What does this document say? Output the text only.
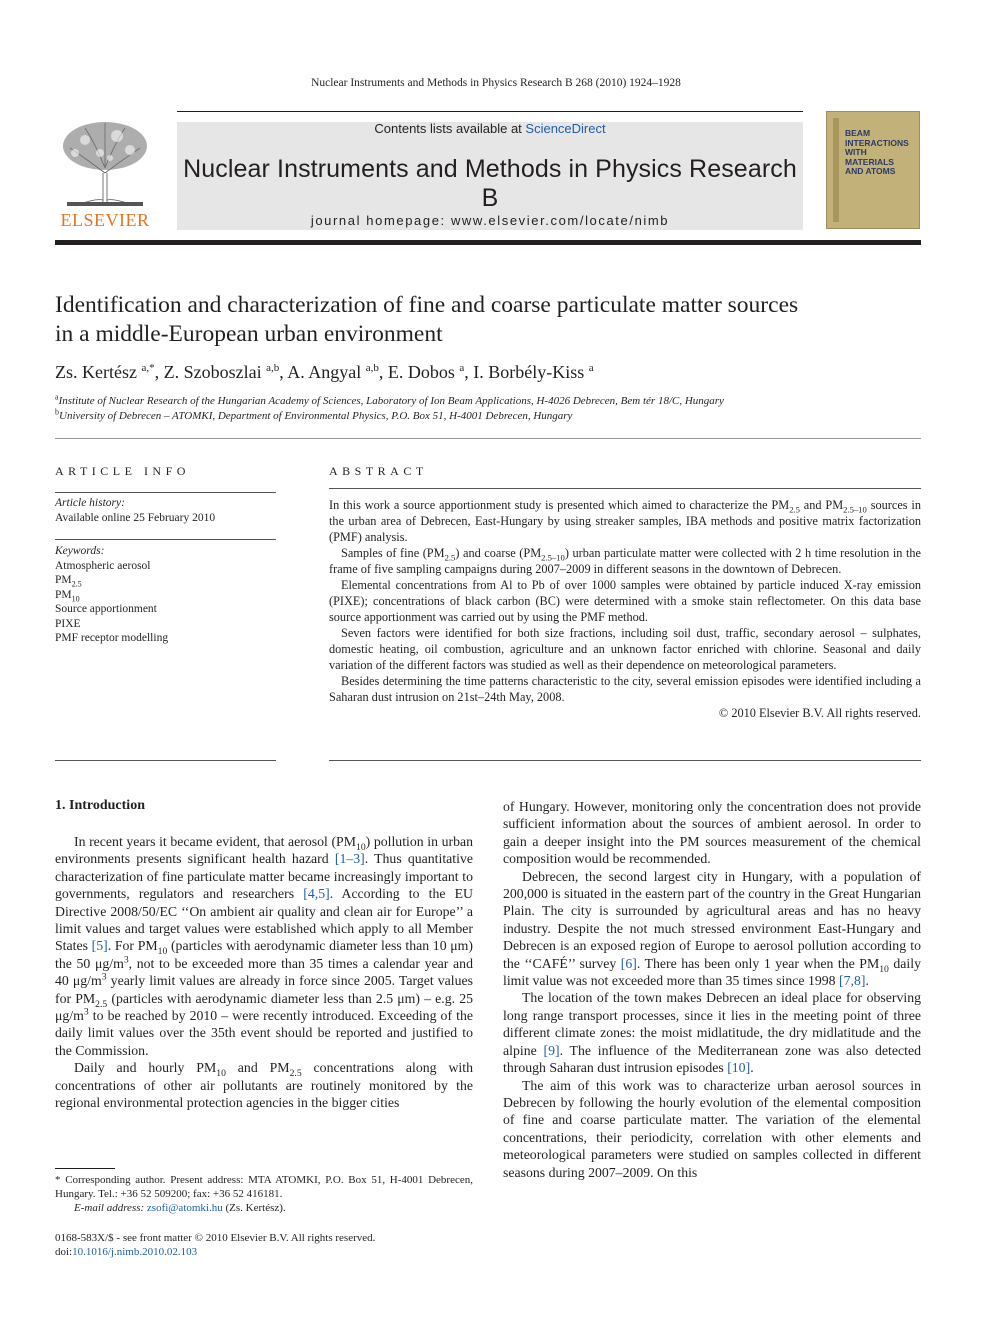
Nuclear Instruments and Methods in Physics Research B 268 (2010) 1924–1928
ELSEVIER
Contents lists available at ScienceDirect
Nuclear Instruments and Methods in Physics Research B
journal homepage: www.elsevier.com/locate/nimb
BEAM
INTERACTIONS
WITH
MATERIALS
AND ATOMS
Identification and characterization of fine and coarse particulate matter sources
in a middle-European urban environment
Zs. Kertész $^{a,*}$, Z. Szoboszlai $^{a,b}$, A. Angyal $^{a,b}$, E. Dobos $^a$, I. Borbély-Kiss $^a$
$^a$Institute of Nuclear Research of the Hungarian Academy of Sciences, Laboratory of Ion Beam Applications, H-4026 Debrecen, Bem tér 18/C, Hungary
$^b$University of Debrecen – ATOMKI, Department of Environmental Physics, P.O. Box 51, H-4001 Debrecen, Hungary
ARTICLE INFO
Article history:
Available online 25 February 2010
Keywords:
Atmospheric aerosol
$PM_{2.5}$
$PM_{10}$
Source apportionment
PIXE
PMF receptor modelling
ABSTRACT

In this work a source apportionment study is presented which aimed to characterize the $PM_{2.5}$ and $PM_{2.5-10}$ sources in the urban area of Debrecen, East-Hungary by using streaker samples, IBA methods and positive matrix factorization (PMF) analysis.

Samples of fine $(PM_{2.5})$ and coarse $(PM_{2.5-10})$ urban particulate matter were collected with 2 h time resolution in the frame of five sampling campaigns during 2007–2009 in different seasons in the downtown of Debrecen.

Elemental concentrations from Al to Pb of over 1000 samples were obtained by particle induced X-ray emission (PIXE); concentrations of black carbon (BC) were determined with a smoke stain reflectometer. On this data base source apportionment was carried out by using the PMF method.

Seven factors were identified for both size fractions, including soil dust, traffic, secondary aerosol – sulphates, domestic heating, oil combustion, agriculture and an unknown factor enriched with chlorine. Seasonal and daily variation of the different factors was studied as well as their dependence on meteorological parameters.

Besides determining the time patterns characteristic to the city, several emission episodes were identified including a Saharan dust intrusion on 21st–24th May, 2008.

© 2010 Elsevier B.V. All rights reserved.
1. Introduction

In recent years it became evident, that aerosol $(PM_{10})$ pollution in urban environments presents significant health hazard [1–3]. Thus quantitative characterization of fine particulate matter became increasingly important to governments, regulators and researchers [4,5]. According to the EU Directive 2008/50/EC ‘‘On ambient air quality and clean air for Europe’’ a limit values and target values were established which apply to all Member States [5]. For $PM_{10}$ (particles with aerodynamic diameter less than 10 μm) the 50 $\mu g/m^3$, not to be exceeded more than 35 times a calendar year and 40 $\mu g/m^3$ yearly limit values are already in force since 2005. Target values for $PM_{2.5}$ (particles with aerodynamic diameter less than 2.5 μm) – e.g. 25 $\mu g/m^3$ to be reached by 2010 – were recently introduced. Exceeding of the daily limit values over the 35th event should be reported and justified to the Commission.

Daily and hourly $PM_{10}$ and $PM_{2.5}$ concentrations along with concentrations of other air pollutants are routinely monitored by the regional environmental protection agencies in the bigger cities

* Corresponding author. Present address: MTA ATOMKI, P.O. Box 51, H-4001 Debrecen, Hungary. Tel.: +36 52 509200; fax: +36 52 416181.
E-mail address: zsofi@atomki.hu (Zs. Kertész).
0168-583X/$ - see front matter © 2010 Elsevier B.V. All rights reserved.
doi:10.1016/j.nimb.2010.02.103

of Hungary. However, monitoring only the concentration does not provide sufficient information about the sources of ambient aerosol. In order to gain a deeper insight into the PM sources measurement of the chemical composition would be recommended.

Debrecen, the second largest city in Hungary, with a population of 200,000 is situated in the eastern part of the country in the Great Hungarian Plain. The city is surrounded by agricultural areas and has no heavy industry. Despite the not much stressed environment East-Hungary and Debrecen is an exposed region of Europe to aerosol pollution according to the ‘‘CAFÉ’’ survey [6]. There has been only 1 year when the $PM_{10}$ daily limit value was not exceeded more than 35 times since 1998 [7,8].

The location of the town makes Debrecen an ideal place for observing long range transport processes, since it lies in the meeting point of three different climate zones: the moist midlatitude, the dry midlatitude and the alpine [9]. The influence of the Mediterranean zone was also detected through Saharan dust intrusion episodes [10].

The aim of this work was to characterize urban aerosol sources in Debrecen by following the hourly evolution of the elemental composition of fine and coarse particulate matter. The variation of the elemental concentrations, their periodicity, correlation with other elements and meteorological parameters were studied on samples collected in different seasons during 2007–2009. On this
